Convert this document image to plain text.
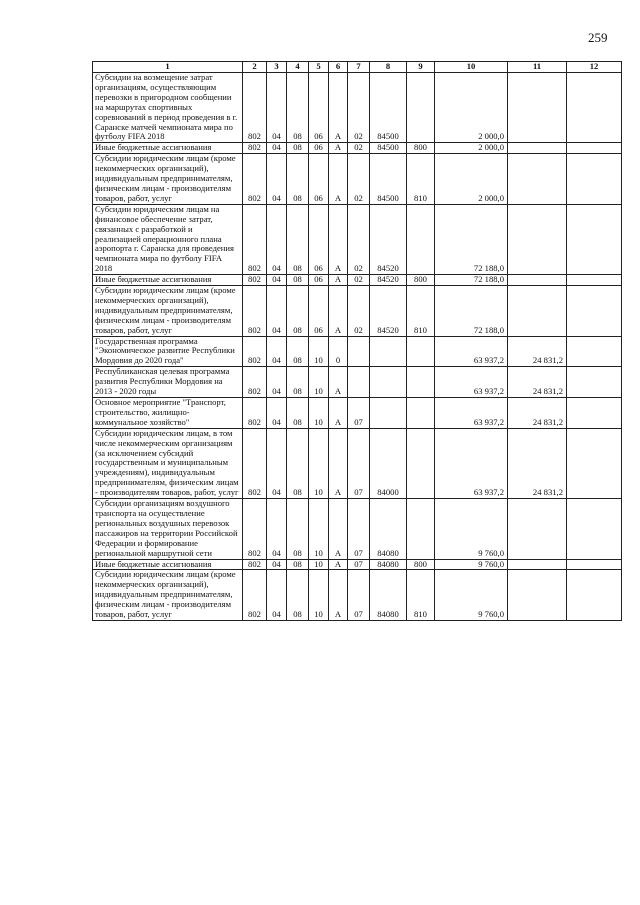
259
1	2	3	4	5	6	7	8	9	10	11	12
Субсидии на возмещение затрат организациям, осуществляющим перевозки в пригородном сообщении на маршрутах спортивных соревнований в период проведения в г. Саранске матчей чемпионата мира по футболу FIFA 2018	802	04	08	06	А	02	84500		2 000,0		
Иные бюджетные ассигнования	802	04	08	06	А	02	84500	800	2 000,0		
Субсидии юридическим лицам (кроме некоммерческих организаций), индивидуальным предпринимателям, физическим лицам - производителям товаров, работ, услуг	802	04	08	06	А	02	84500	810	2 000,0		
Субсидии юридическим лицам на финансовое обеспечение затрат, связанных с разработкой и реализацией операционного плана аэропорта г. Саранска для проведения чемпионата мира по футболу FIFA 2018	802	04	08	06	А	02	84520		72 188,0		
Иные бюджетные ассигнования	802	04	08	06	А	02	84520	800	72 188,0		
Субсидии юридическим лицам (кроме некоммерческих организаций), индивидуальным предпринимателям, физическим лицам - производителям товаров, работ, услуг	802	04	08	06	А	02	84520	810	72 188,0		
Государственная программа "Экономическое развитие Республики Мордовия до 2020 года"	802	04	08	10	0				63 937,2	24 831,2	
Республиканская целевая программа развития Республики Мордовия на 2013 - 2020 годы	802	04	08	10	А				63 937,2	24 831,2	
Основное мероприятие "Транспорт, строительство, жилищно-коммунальное хозяйство"	802	04	08	10	А	07			63 937,2	24 831,2	
Субсидии юридическим лицам, в том числе некоммерческим организациям (за исключением субсидий государственным и муниципальным учреждениям), индивидуальным предпринимателям, физическим лицам - производителям товаров, работ, услуг	802	04	08	10	А	07	84000		63 937,2	24 831,2	
Субсидии организациям воздушного транспорта на осуществление региональных воздушных перевозок пассажиров на территории Российской Федерации и формирование региональной маршрутной сети	802	04	08	10	А	07	84080		9 760,0		
Иные бюджетные ассигнования	802	04	08	10	А	07	84080	800	9 760,0		
Субсидии юридическим лицам (кроме некоммерческих организаций), индивидуальным предпринимателям, физическим лицам - производителям товаров, работ, услуг	802	04	08	10	А	07	84080	810	9 760,0		
